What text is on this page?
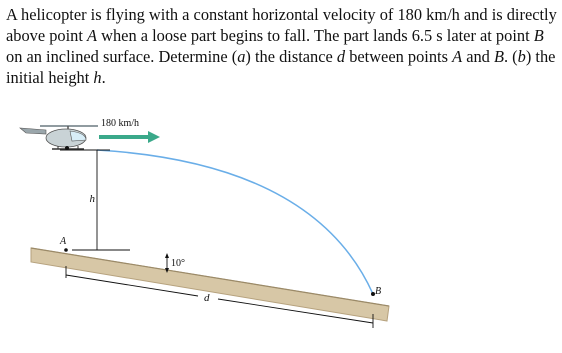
A helicopter is flying with a constant horizontal velocity of 180 km/h and is directly above point A when a loose part begins to fall. The part lands 6.5 s later at point B on an inclined surface. Determine (a) the distance d between points A and B. (b) the initial height h.
h
A
B
10°
d
180 km/h
